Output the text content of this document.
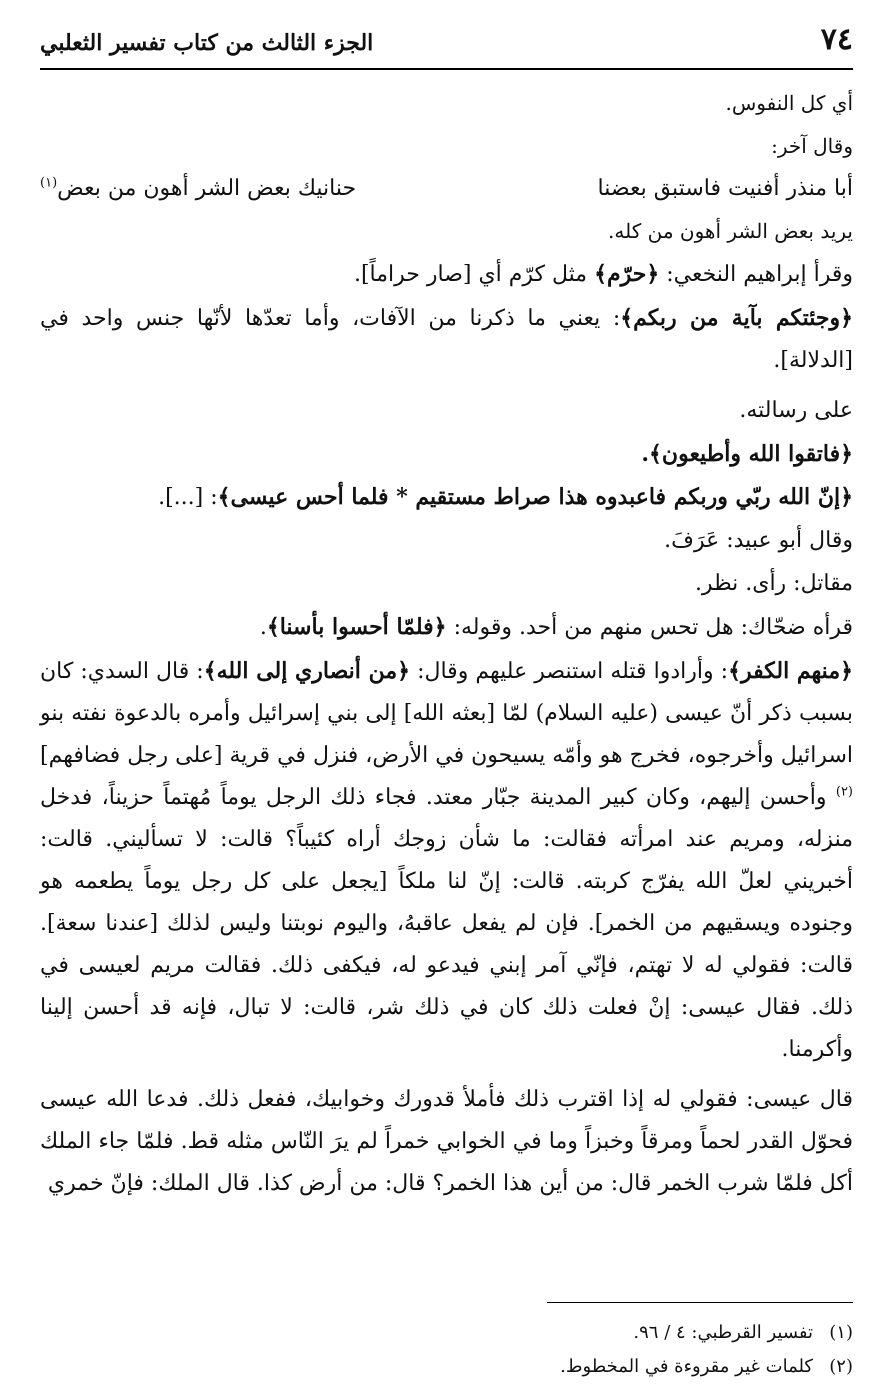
٧٤
الجزء الثالث من كتاب تفسير الثعلبي

أي كل النفوس.

وقال آخر:

أبا منذر أفنيت فاستبق بعضنا
حنانيك بعض الشر أهون من بعض$^{(١)}$

يريد بعض الشر أهون من كله.

وقرأ إبراهيم النخعي: ﴿حرّم﴾ مثل كرّم أي [صار حراماً].

﴿وجئتكم بآية من ربكم﴾: يعني ما ذكرنا من الآفات، وأما تعدّها لأنّها جنس واحد في [الدلالة].

على رسالته.

﴿فاتقوا الله وأطيعون﴾.

﴿إنّ الله ربّي وربكم فاعبدوه هذا صراط مستقيم * فلما أحس عيسى﴾: [...].

وقال أبو عبيد: عَرَفَ.

مقاتل: رأى. نظر.

قرأه ضحّاك: هل تحس منهم من أحد. وقوله: ﴿فلمّا أحسوا بأسنا﴾.

﴿منهم الكفر﴾: وأرادوا قتله استنصر عليهم وقال: ﴿من أنصاري إلى الله﴾: قال السدي: كان بسبب ذكر أنّ عيسى (عليه السلام) لمّا [بعثه الله] إلى بني إسرائيل وأمره بالدعوة نفته بنو اسرائيل وأخرجوه، فخرج هو وأمّه يسيحون في الأرض، فنزل في قرية [على رجل فضافهم]$^{(٢)}$ وأحسن إليهم، وكان كبير المدينة جبّار معتد. فجاء ذلك الرجل يوماً مُهتماً حزيناً، فدخل منزله، ومريم عند امرأته فقالت: ما شأن زوجك أراه كئيباً؟ قالت: لا تسأليني. قالت: أخبريني لعلّ الله يفرّج كربته. قالت: إنّ لنا ملكاً [يجعل على كل رجل يوماً يطعمه هو وجنوده ويسقيهم من الخمر]. فإن لم يفعل عاقبهُ، واليوم نوبتنا وليس لذلك [عندنا سعة]. قالت: فقولي له لا تهتم، فإنّي آمر إبني فيدعو له، فيكفى ذلك. فقالت مريم لعيسى في ذلك. فقال عيسى: إنْ فعلت ذلك كان في ذلك شر، قالت: لا تبال، فإنه قد أحسن إلينا وأكرمنا.

قال عيسى: فقولي له إذا اقترب ذلك فأملأ قدورك وخوابيك، ففعل ذلك. فدعا الله عيسى فحوّل القدر لحماً ومرقاً وخبزاً وما في الخوابي خمراً لم يرَ النّاس مثله قط. فلمّا جاء الملك أكل فلمّا شرب الخمر قال: من أين هذا الخمر؟ قال: من أرض كذا. قال الملك: فإنّ خمري

(١)تفسير القرطبي: ٤ / ٩٦.
(٢)كلمات غير مقروءة في المخطوط.
